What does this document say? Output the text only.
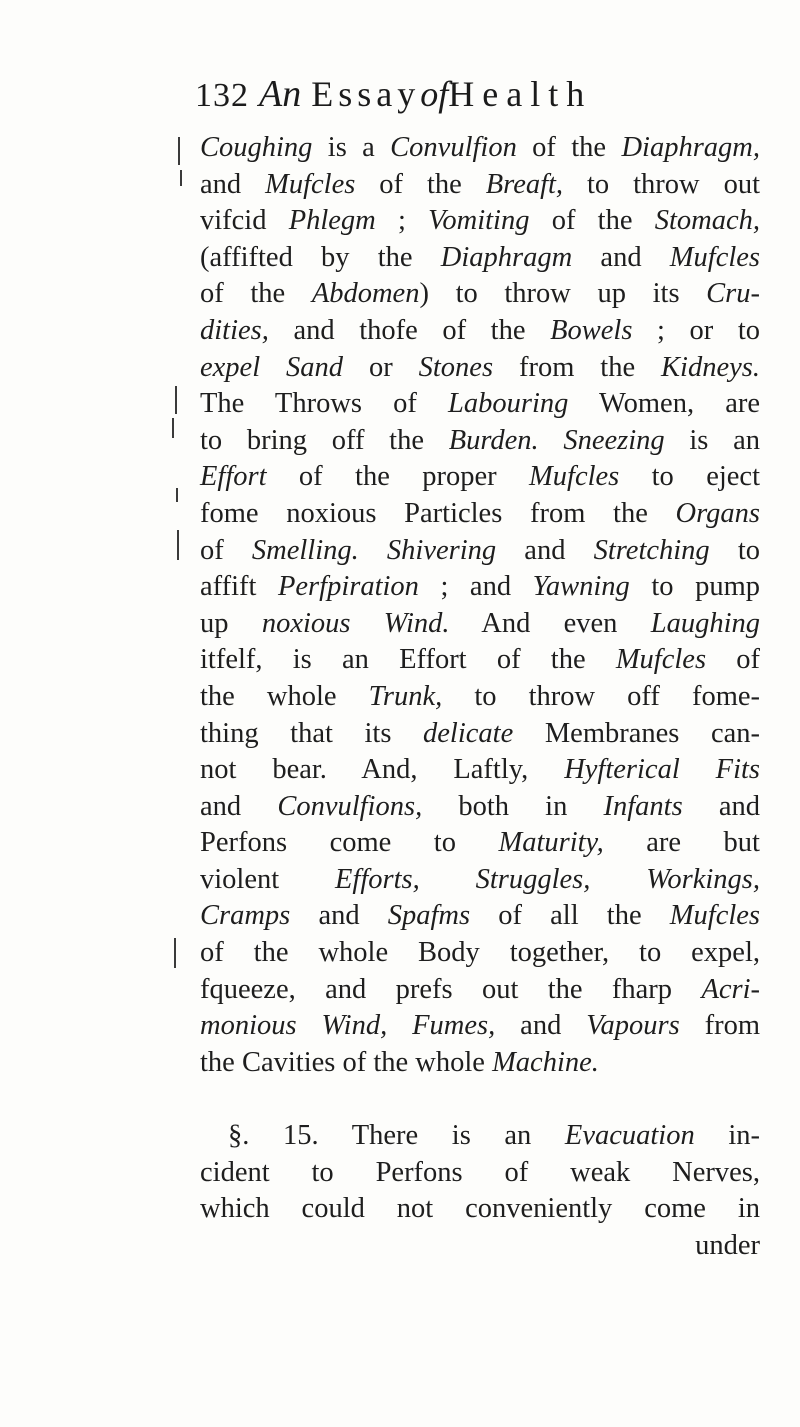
132 An EssayofHealth
Coughing is a Convulfion of the Diaphragm,
and Mufcles of the Breaft, to throw out
vifcid Phlegm ; Vomiting of the Stomach,
(affifted by the Diaphragm and Mufcles
of the Abdomen) to throw up its Cru-
dities, and thofe of the Bowels ; or to
expel Sand or Stones from the Kidneys.
The Throws of Labouring Women, are
to bring off the Burden. Sneezing is an
Effort of the proper Mufcles to eject
fome noxious Particles from the Organs
of Smelling. Shivering and Stretching to
affift Perfpiration ; and Yawning to pump
up noxious Wind. And even Laughing
itfelf, is an Effort of the Mufcles of
the whole Trunk, to throw off fome-
thing that its delicate Membranes can-
not bear. And, Laftly, Hyfterical Fits
and Convulfions, both in Infants and
Perfons come to Maturity, are but
violent Efforts, Struggles, Workings,
Cramps and Spafms of all the Mufcles
of the whole Body together, to expel,
fqueeze, and prefs out the fharp Acri-
monious Wind, Fumes, and Vapours from
the Cavities of the whole Machine.
§. 15. There is an Evacuation in-
cident to Perfons of weak Nerves,
which could not conveniently come in
under
